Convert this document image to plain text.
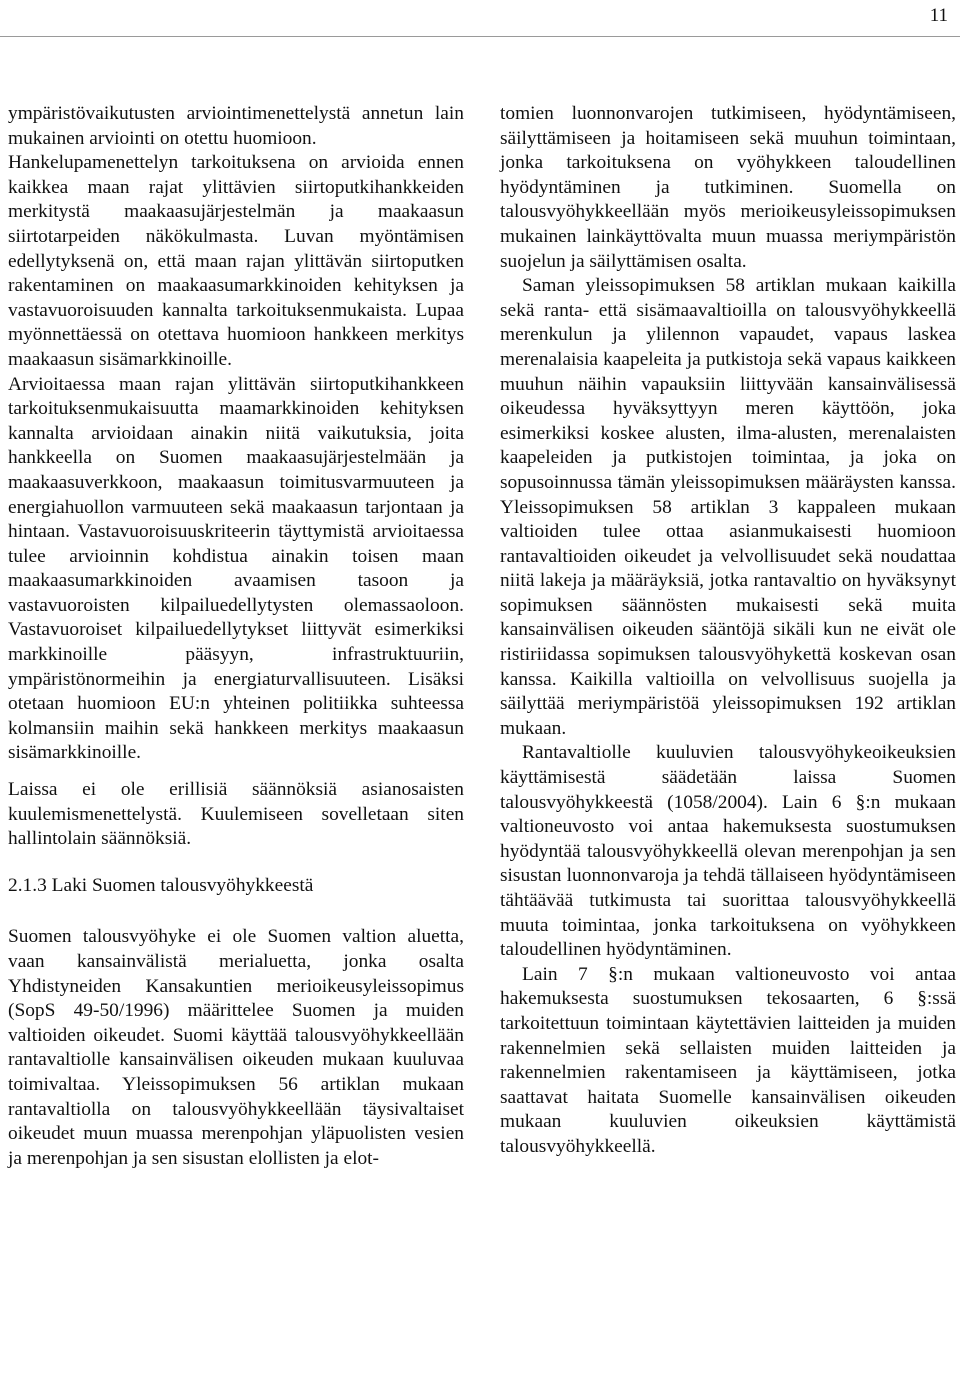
11

ympäristövaikutusten arviointimenettelystä annetun lain mukainen arviointi on otettu huomioon.

Hankelupamenettelyn tarkoituksena on arvioida ennen kaikkea maan rajat ylittävien siirtoputkihankkeiden merkitystä maakaasujärjestelmän ja maakaasun siirtotarpeiden näkökulmasta. Luvan myöntämisen edellytyksenä on, että maan rajan ylittävän siirtoputken rakentaminen on maakaasumarkkinoiden kehityksen ja vastavuoroisuuden kannalta tarkoituksenmukaista. Lupaa myönnettäessä on otettava huomioon hankkeen merkitys maakaasun sisämarkkinoille.

Arvioitaessa maan rajan ylittävän siirtoputkihankkeen tarkoituksenmukaisuutta maamarkkinoiden kehityksen kannalta arvioidaan ainakin niitä vaikutuksia, joita hankkeella on Suomen maakaasujärjestelmään ja maakaasuverkkoon, maakaasun toimitusvarmuuteen ja energiahuollon varmuuteen sekä maakaasun tarjontaan ja hintaan. Vastavuoroisuuskriteerin täyttymistä arvioitaessa tulee arvioinnin kohdistua ainakin toisen maan maakaasumarkkinoiden avaamisen tasoon ja vastavuoroisten kilpailuedellytysten olemassaoloon. Vastavuoroiset kilpailuedellytykset liittyvät esimerkiksi markkinoille pääsyyn, infrastruktuuriin, ympäristönormeihin ja energiaturvallisuuteen. Lisäksi otetaan huomioon EU:n yhteinen politiikka suhteessa kolmansiin maihin sekä hankkeen merkitys maakaasun sisämarkkinoille.

Laissa ei ole erillisiä säännöksiä asianosaisten kuulemismenettelystä. Kuulemiseen sovelletaan siten hallintolain säännöksiä.

2.1.3 Laki Suomen talousvyöhykkeestä

Suomen talousvyöhyke ei ole Suomen valtion aluetta, vaan kansainvälistä merialuetta, jonka osalta Yhdistyneiden Kansakuntien merioikeusyleissopimus (SopS 49-50/1996) määrittelee Suomen ja muiden valtioiden oikeudet. Suomi käyttää talousvyöhykkeellään rantavaltiolle kansainvälisen oikeuden mukaan kuuluvaa toimivaltaa. Yleissopimuksen 56 artiklan mukaan rantavaltiolla on talousvyöhykkeellään täysivaltaiset oikeudet muun muassa merenpohjan yläpuolisten vesien ja merenpohjan ja sen sisustan elollisten ja elot-

tomien luonnonvarojen tutkimiseen, hyödyntämiseen, säilyttämiseen ja hoitamiseen sekä muuhun toimintaan, jonka tarkoituksena on vyöhykkeen taloudellinen hyödyntäminen ja tutkiminen. Suomella on talousvyöhykkeellään myös merioikeusyleissopimuksen mukainen lainkäyttövalta muun muassa meriympäristön suojelun ja säilyttämisen osalta.

Saman yleissopimuksen 58 artiklan mukaan kaikilla sekä ranta- että sisämaavaltioilla on talousvyöhykkeellä merenkulun ja ylilennon vapaudet, vapaus laskea merenalaisia kaapeleita ja putkistoja sekä vapaus kaikkeen muuhun näihin vapauksiin liittyvään kansainvälisessä oikeudessa hyväksyttyyn meren käyttöön, joka esimerkiksi koskee alusten, ilma-alusten, merenalaisten kaapeleiden ja putkistojen toimintaa, ja joka on sopusoinnussa tämän yleissopimuksen määräysten kanssa. Yleissopimuksen 58 artiklan 3 kappaleen mukaan valtioiden tulee ottaa asianmukaisesti huomioon rantavaltioiden oikeudet ja velvollisuudet sekä noudattaa niitä lakeja ja määräyksiä, jotka rantavaltio on hyväksynyt sopimuksen säännösten mukaisesti sekä muita kansainvälisen oikeuden sääntöjä sikäli kun ne eivät ole ristiriidassa sopimuksen talousvyöhykettä koskevan osan kanssa. Kaikilla valtioilla on velvollisuus suojella ja säilyttää meriympäristöä yleissopimuksen 192 artiklan mukaan.

Rantavaltiolle kuuluvien talousvyöhykeoikeuksien käyttämisestä säädetään laissa Suomen talousvyöhykkeestä (1058/2004). Lain 6 §:n mukaan valtioneuvosto voi antaa hakemuksesta suostumuksen hyödyntää talousvyöhykkeellä olevan merenpohjan ja sen sisustan luonnonvaroja ja tehdä tällaiseen hyödyntämiseen tähtäävää tutkimusta tai suorittaa talousvyöhykkeellä muuta toimintaa, jonka tarkoituksena on vyöhykkeen taloudellinen hyödyntäminen.

Lain 7 §:n mukaan valtioneuvosto voi antaa hakemuksesta suostumuksen tekosaarten, 6 §:ssä tarkoitettuun toimintaan käytettävien laitteiden ja muiden rakennelmien sekä sellaisten muiden laitteiden ja rakennelmien rakentamiseen ja käyttämiseen, jotka saattavat haitata Suomelle kansainvälisen oikeuden mukaan kuuluvien oikeuksien käyttämistä talousvyöhykkeellä.
